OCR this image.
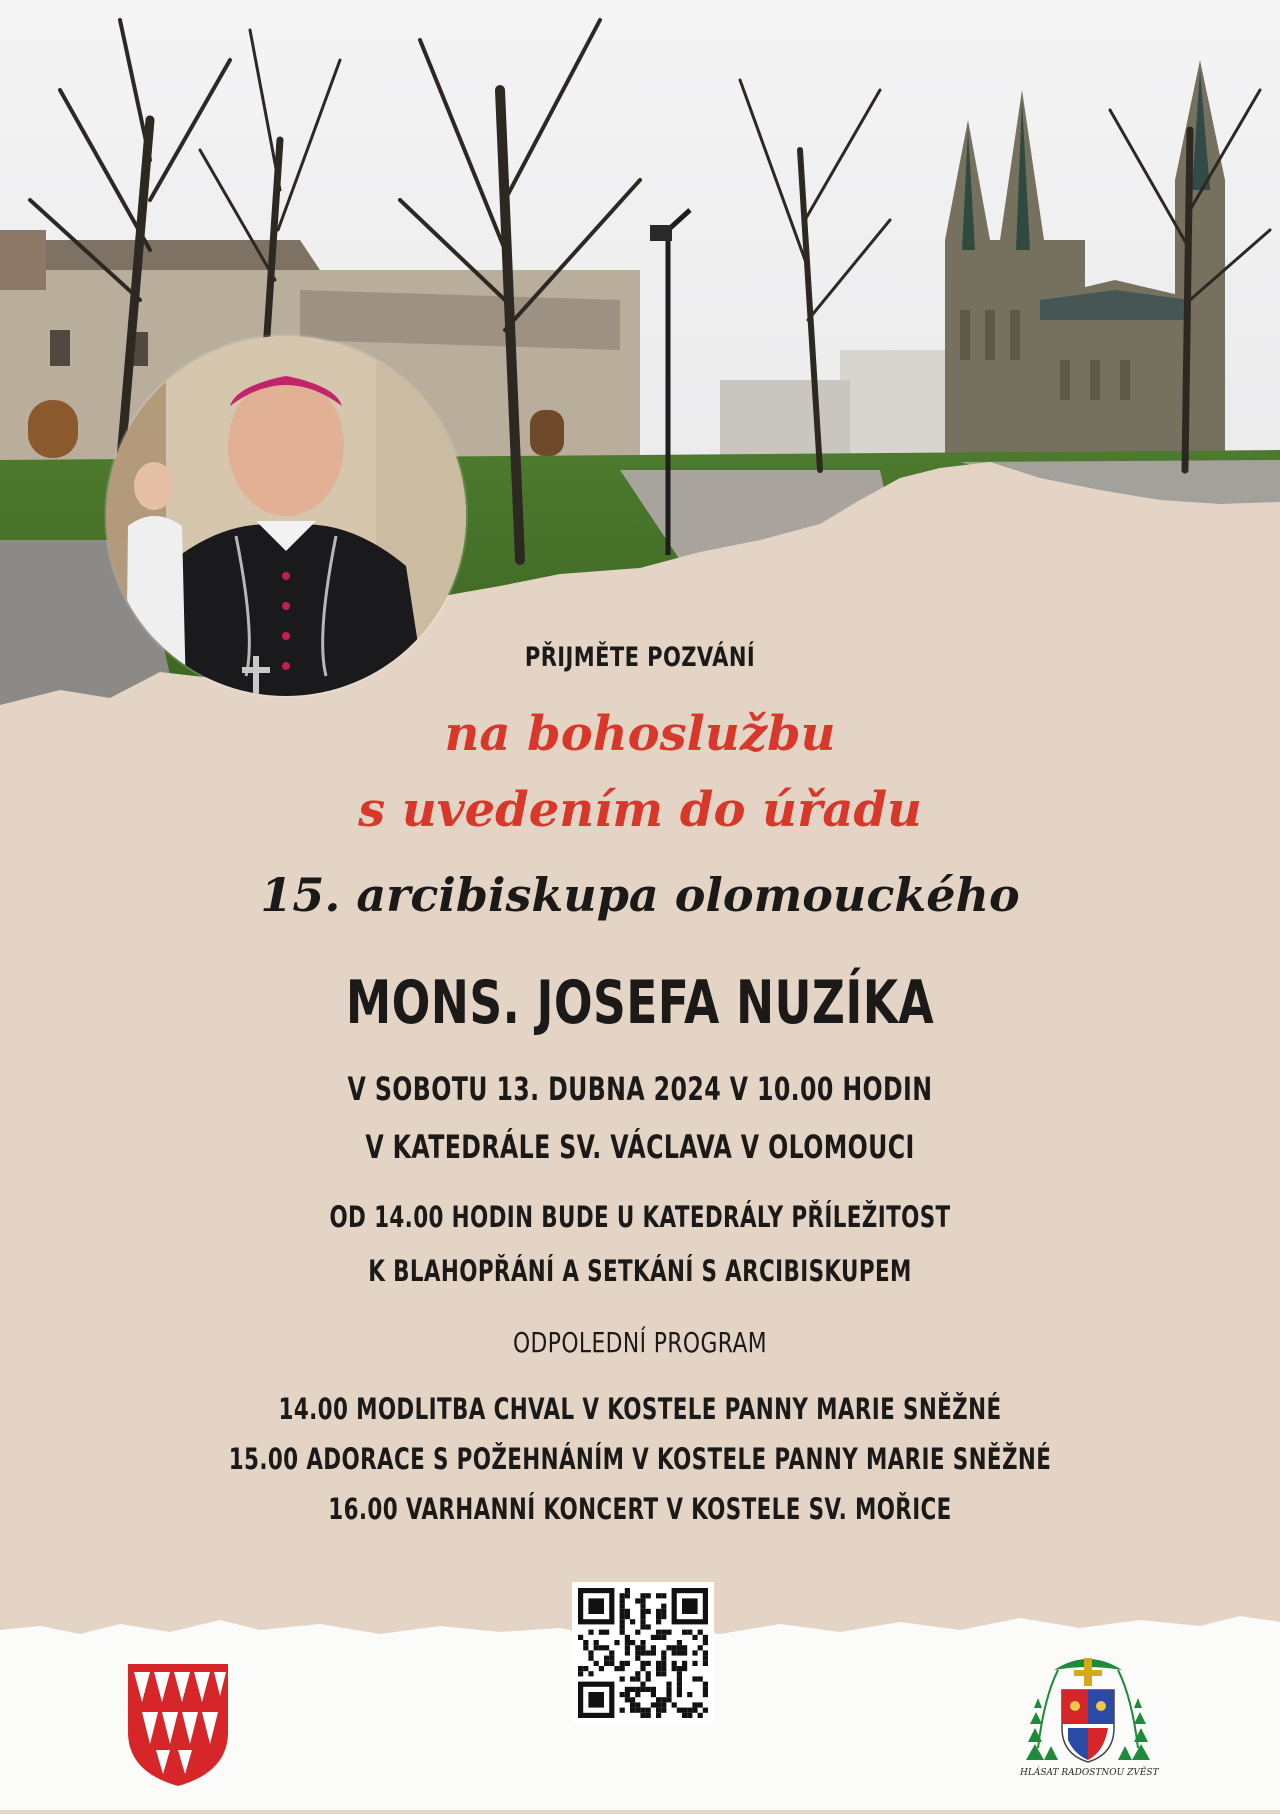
PŘIJMĚTE POZVÁNÍ
na bohoslužbu
s uvedením do úřadu
15. arcibiskupa olomouckého
MONS. JOSEFA NUZÍKA
V SOBOTU 13. DUBNA 2024 V 10.00 HODIN
V KATEDRÁLE SV. VÁCLAVA V OLOMOUCI
OD 14.00 HODIN BUDE U KATEDRÁLY PŘÍLEŽITOST
K BLAHOPŘÁNÍ A SETKÁNÍ S ARCIBISKUPEM
ODPOLEDNÍ PROGRAM
14.00 MODLITBA CHVAL V KOSTELE PANNY MARIE SNĚŽNÉ
15.00 ADORACE S POŽEHNÁNÍM V KOSTELE PANNY MARIE SNĚŽNÉ
16.00 VARHANNÍ KONCERT V KOSTELE SV. MOŘICE
HLÁSAT RADOSTNOU ZVĚST
